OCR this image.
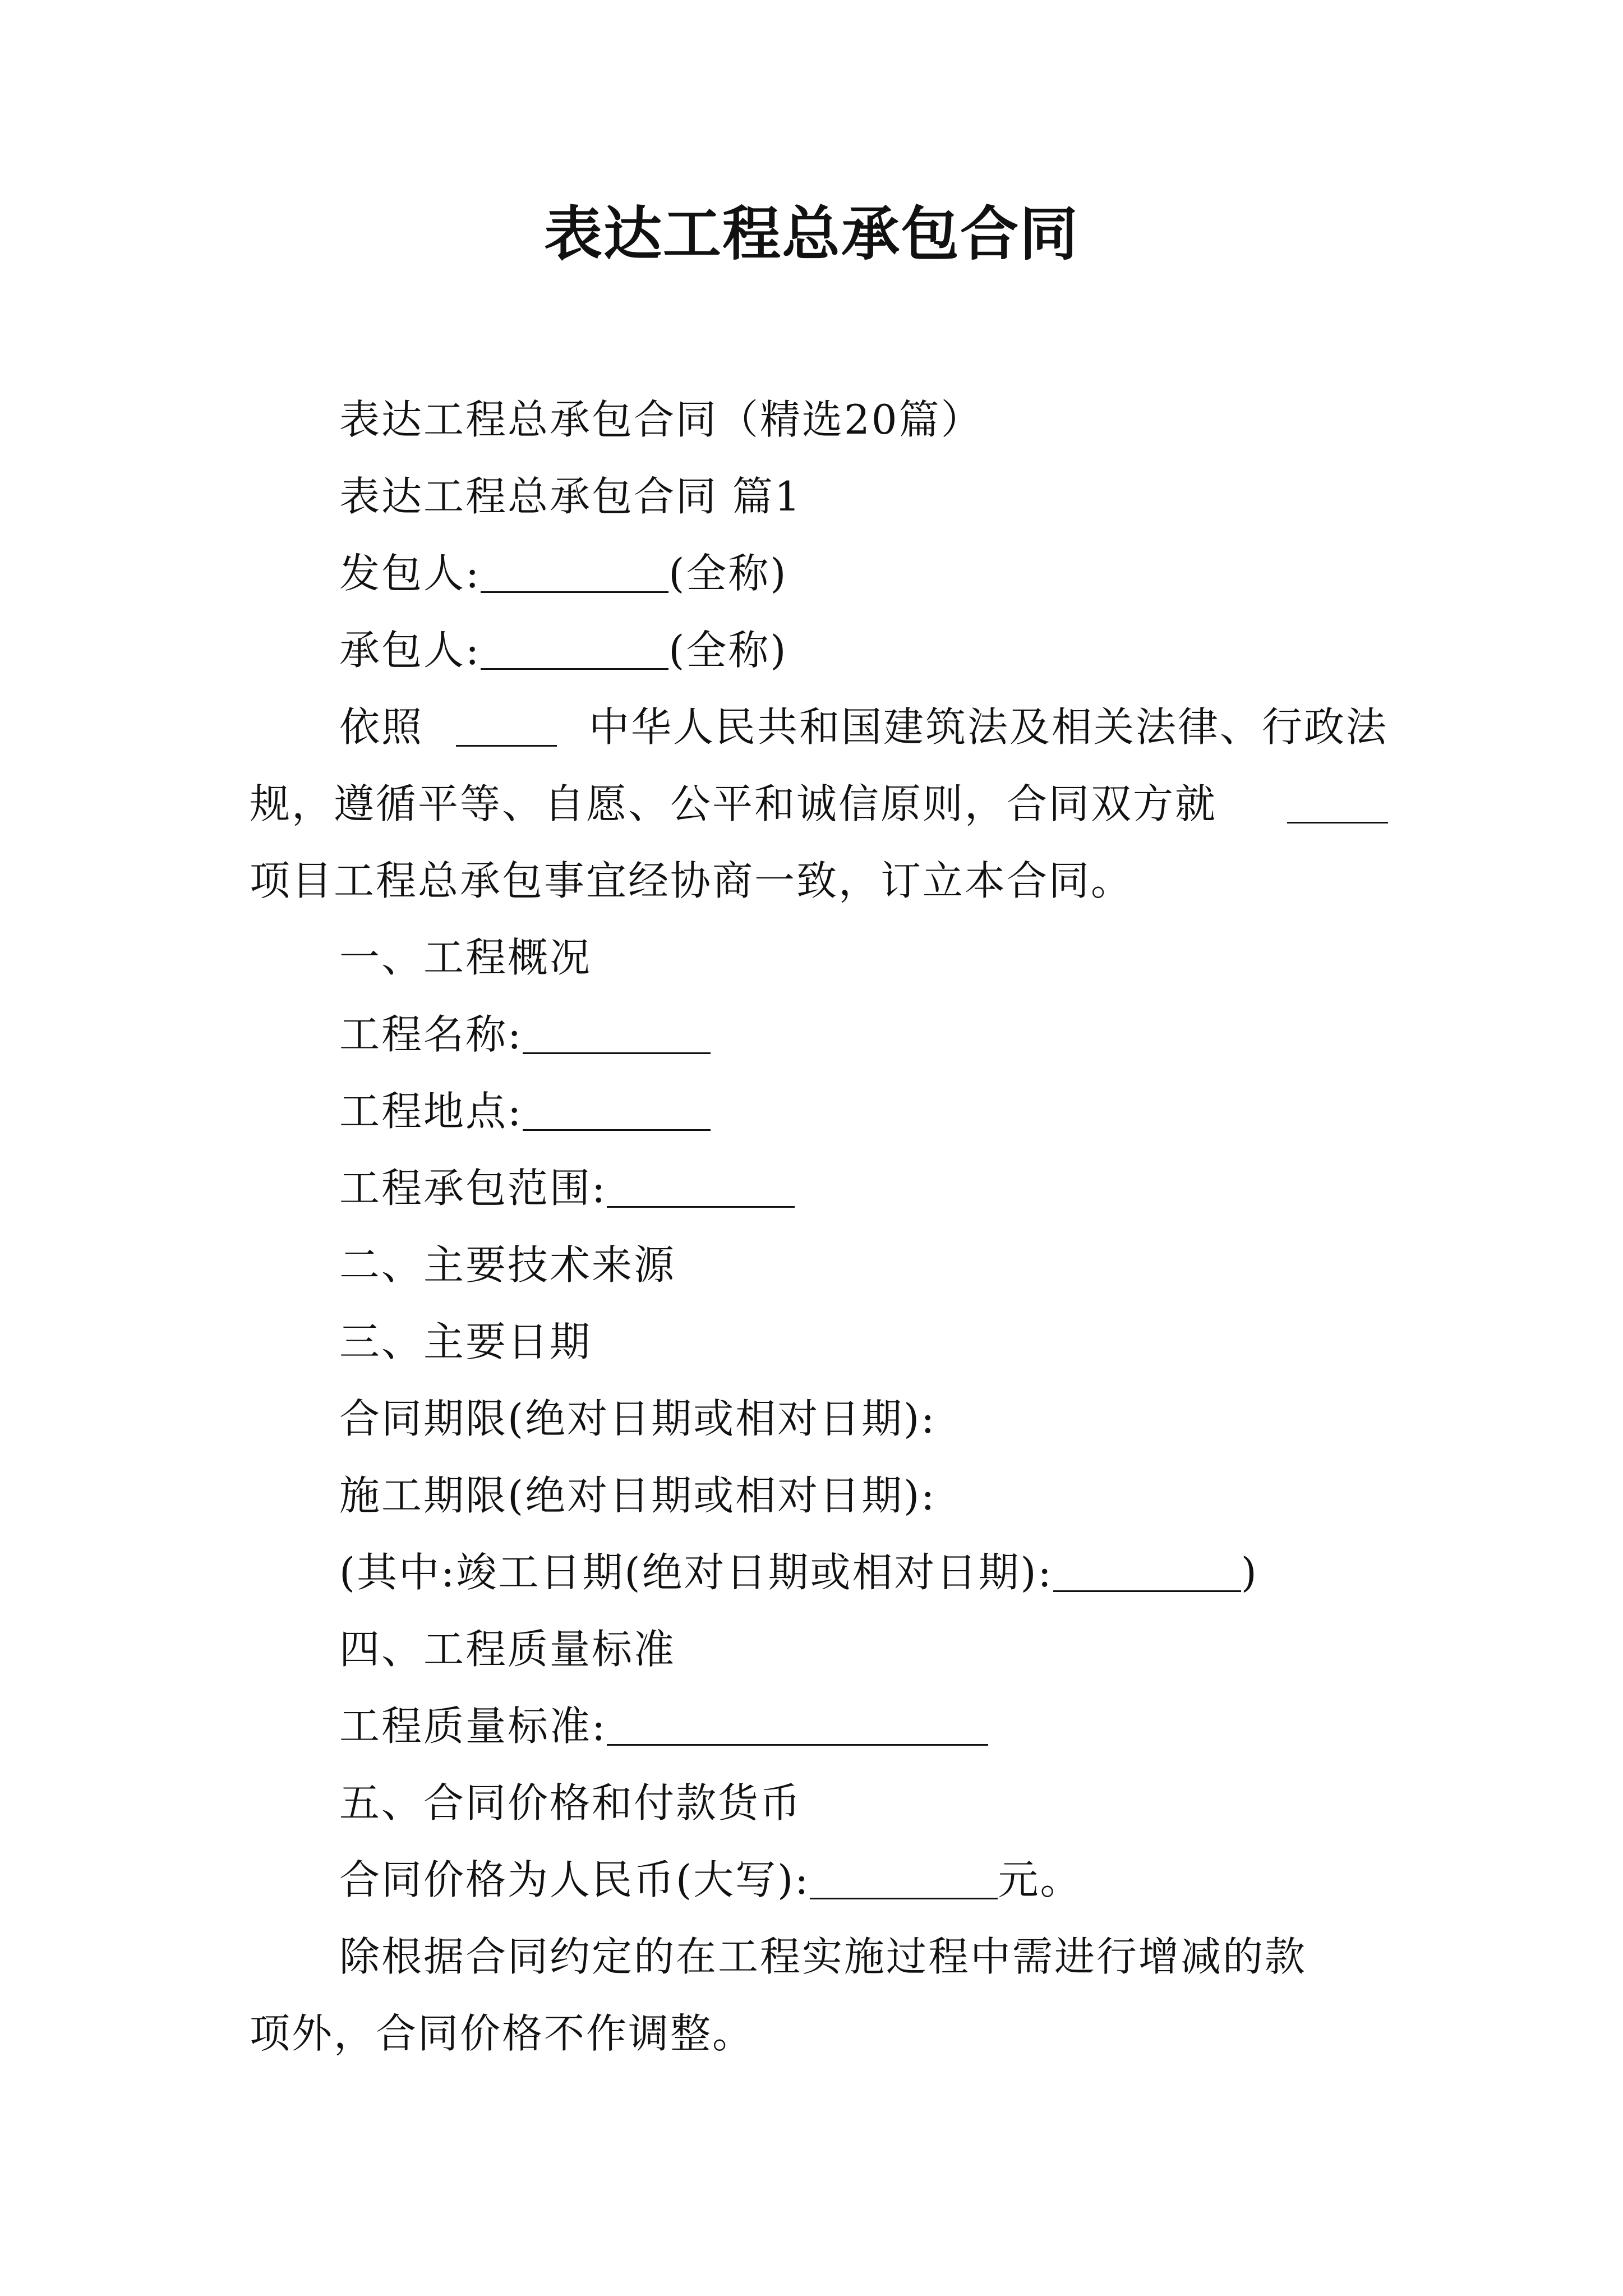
表达工程总承包合同
表达工程总承包合同（精选20篇）
表达工程总承包合同 篇1
发包人:	(全称)
承包人:	(全称)
依照	中华人民共和国建筑法及相关法律、行政法
规，遵循平等、自愿、公平和诚信原则，合同双方就
项目工程总承包事宜经协商一致，订立本合同。
一、工程概况
工程名称:
工程地点:
工程承包范围:
二、主要技术来源
三、主要日期
合同期限(绝对日期或相对日期):
施工期限(绝对日期或相对日期):
(其中:竣工日期(绝对日期或相对日期):	)
四、工程质量标准
工程质量标准:
五、合同价格和付款货币
合同价格为人民币(大写):	元。
除根据合同约定的在工程实施过程中需进行增减的款
项外，合同价格不作调整。
